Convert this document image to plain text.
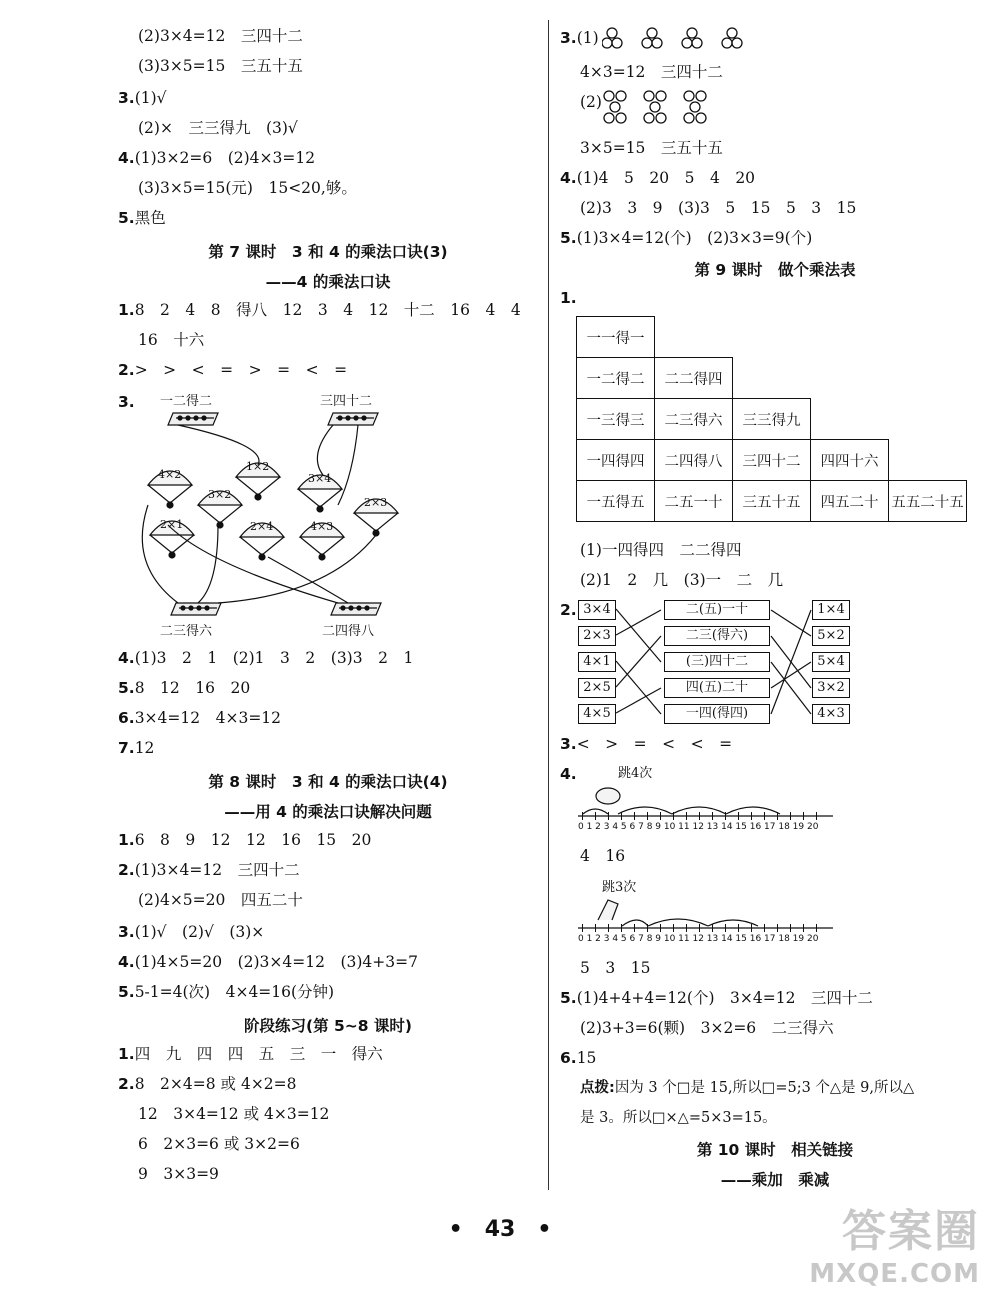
(2)3×4=12　三四十二
(3)3×5=15　三五十五
3.(1)√
(2)×　三三得九　(3)√
4.(1)3×2=6　(2)4×3=12
(3)3×5=15(元)　15<20,够。
5.黑色
第 7 课时　3 和 4 的乘法口诀(3)
——4 的乘法口诀
1.8　2　4　8　得八　12　3　4　12　十二　16　4　4
16　十六
2.>　>　<　=　>　=　<　=
3. 一二得二	三四十二
二三得六	二四得八
4×2
1×2
3×4
3×2
2×3
2×1	2×4	4×3
4.(1)3　2　1　(2)1　3　2　(3)3　2　1
5.8　12　16　20
6.3×4=12　4×3=12
7.12
第 8 课时　3 和 4 的乘法口诀(4)
——用 4 的乘法口诀解决问题
1.6　8　9　12　12　16　15　20
2.(1)3×4=12　三四十二
(2)4×5=20　四五二十
3.(1)√　(2)√　(3)×
4.(1)4×5=20　(2)3×4=12　(3)4+3=7
5.5-1=4(次)　4×4=16(分钟)
阶段练习(第 5~8 课时)
1.四　九　四　四　五　三　一　得六
2.8　2×4=8 或 4×2=8
12　3×4=12 或 4×3=12
6　2×3=6 或 3×2=6
9　3×3=9
3.(1)
4×3=12　三四十二
(2)
3×5=15　三五十五
4.(1)4　5　20　5　4　20
(2)3　3　9　(3)3　5　15　5　3　15
5.(1)3×4=12(个)　(2)3×3=9(个)
第 9 课时　做个乘法表
1.
一一得一				
一二得二	二二得四			
一三得三	二三得六	三三得九		
一四得四	二四得八	三四十二	四四十六	
一五得五	二五一十	三五十五	四五二十	五五二十五
(1)一四得四　二二得四
(2)1　2　几　(3)一　二　几
2. 3×4
2×3
4×1
2×5
4×5
二(五)一十
二三(得六)
(三)四十二
四(五)二十
一四(得四)
1×4
5×2
5×4
3×2
4×3
3.<　>　=　<　<　=
4.	跳4次
0 1 2 3 4 5 6 7 8 9 10 11 12 13 14 15 16 17 18 19 20
4　16
跳3次
0 1 2 3 4 5 6 7 8 9 10 11 12 13 14 15 16 17 18 19 20
5　3　15
5.(1)4+4+4=12(个)　3×4=12　三四十二
(2)3+3=6(颗)　3×2=6　二三得六
6.15
点拨:因为 3 个□是 15,所以□=5;3 个△是 9,所以△
是 3。所以□×△=5×3=15。
第 10 课时　相关链接
——乘加　乘减
•　43　•	答案圈
MXQE.COM
